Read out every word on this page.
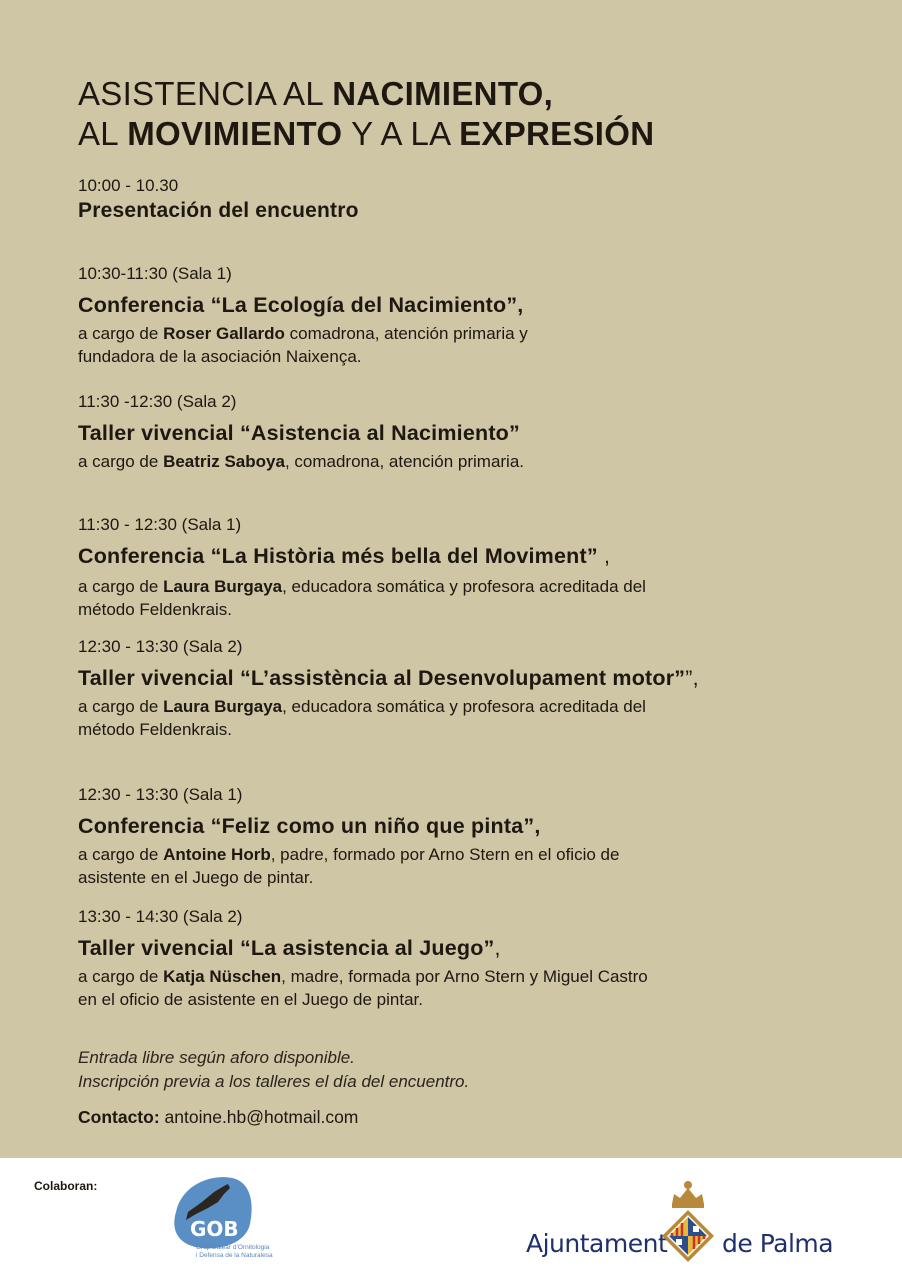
ASISTENCIA AL NACIMIENTO,
AL MOVIMIENTO Y A LA EXPRESIÓN
10:00 - 10.30
Presentación del encuentro
10:30-11:30 (Sala 1)
Conferencia “La Ecología del Nacimiento”,
a cargo de Roser Gallardo comadrona, atención primaria y
fundadora de la asociación Naixença.
11:30 -12:30 (Sala 2)
Taller vivencial “Asistencia al Nacimiento”
a cargo de Beatriz Saboya, comadrona, atención primaria.
11:30 - 12:30 (Sala 1)
Conferencia “La Història més bella del Moviment” ,
a cargo de Laura Burgaya, educadora somática y profesora acreditada del
método Feldenkrais.
12:30 - 13:30 (Sala 2)
Taller vivencial “L’assistència al Desenvolupament motor””,
a cargo de Laura Burgaya, educadora somática y profesora acreditada del
método Feldenkrais.
12:30 - 13:30 (Sala 1)
Conferencia “Feliz como un niño que pinta”,
a cargo de Antoine Horb, padre, formado por Arno Stern en el oficio de
asistente en el Juego de pintar.
13:30 - 14:30 (Sala 2)
Taller vivencial “La asistencia al Juego”,
a cargo de Katja Nüschen, madre, formada por Arno Stern y Miguel Castro
en el oficio de asistente en el Juego de pintar.
Entrada libre según aforo disponible.
Inscripción previa a los talleres el día del encuentro.
Contacto: antoine.hb@hotmail.com
Colaboran:
GOB
Grup Balear d’Ornitologia
i Defensa de la Naturalesa	Ajuntament de Palma
